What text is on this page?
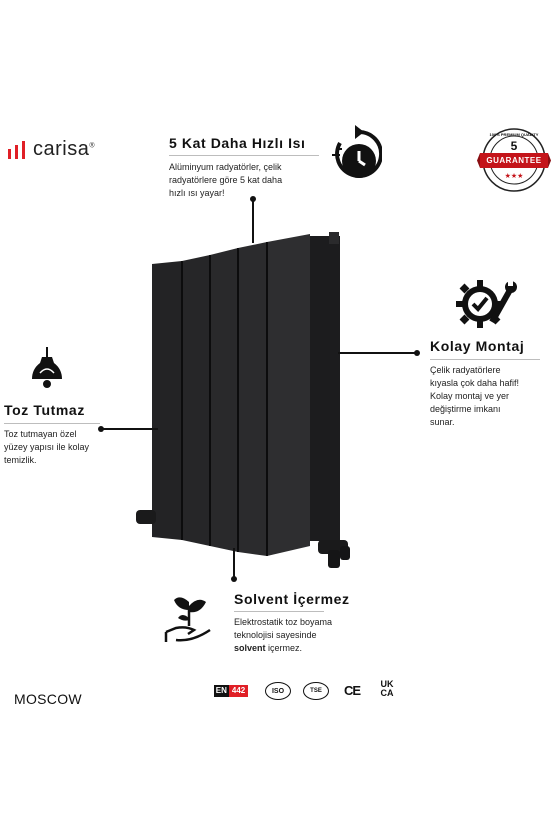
carisa®
100% PREMIUM QUALITY
5
GUARANTEE
★★★
5 Kat Daha Hızlı Isı
Alüminyum radyatörler, çelik
radyatörlere göre 5 kat daha
hızlı ısı yayar!
Kolay Montaj
Çelik radyatörlere
kıyasla çok daha hafif!
Kolay montaj ve yer
değiştirme imkanı
sunar.
Toz Tutmaz
Toz tutmayan özel
yüzey yapısı ile kolay
temizlik.
Solvent İçermez
Elektrostatik toz boyama
teknolojisi sayesinde
solvent içermez.
MOSCOW
EN 442	ISO	TSE CE	UK
CA
